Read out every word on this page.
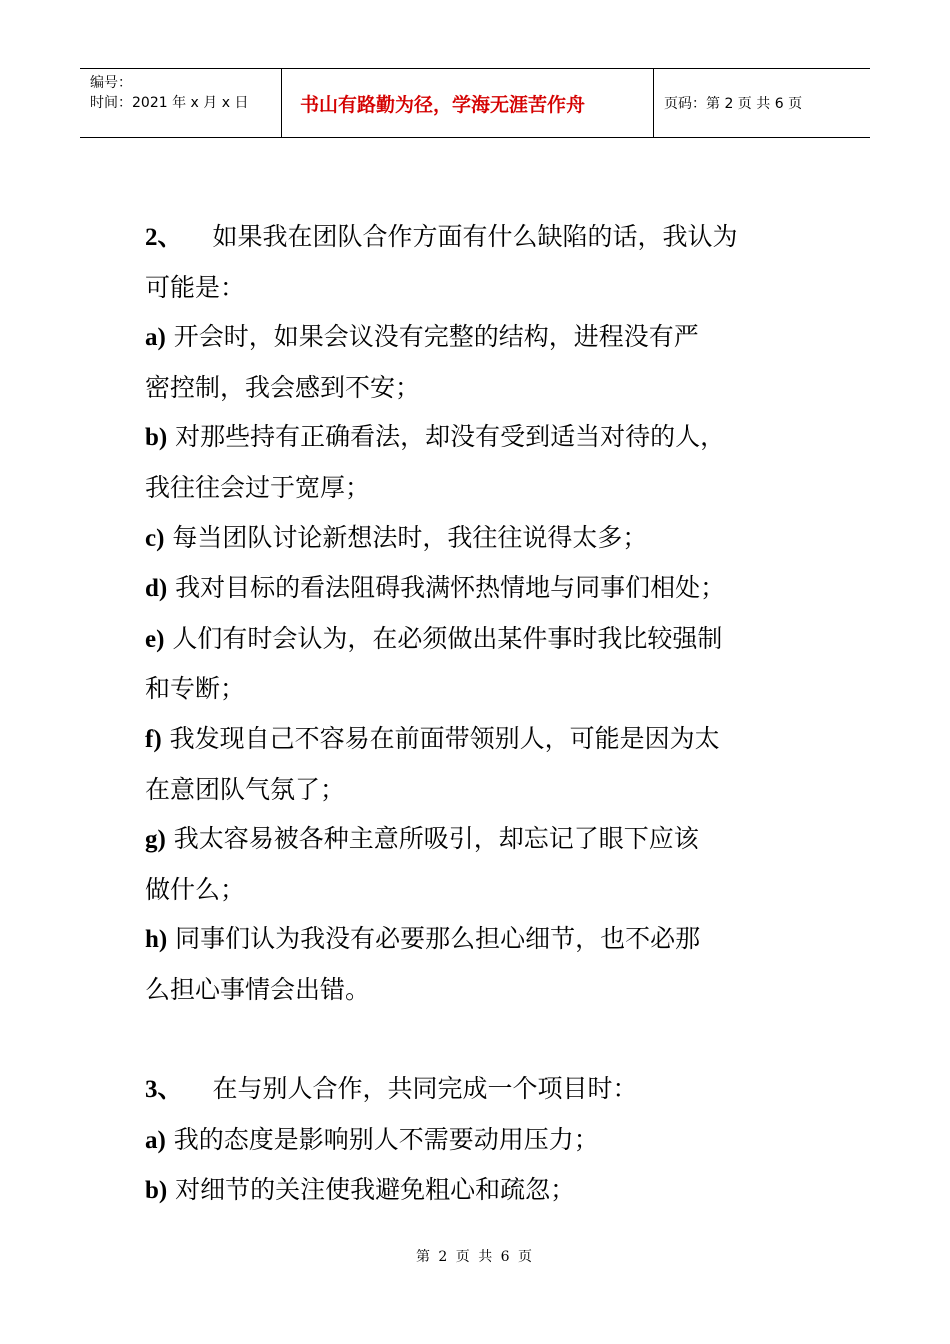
编号：
时间：2021 年 x 月 x 日	书山有路勤为径，学海无涯苦作舟	页码：第 2 页 共 6 页
2、 如果我在团队合作方面有什么缺陷的话，我认为
可能是：
a) 开会时，如果会议没有完整的结构，进程没有严
密控制，我会感到不安；
b) 对那些持有正确看法，却没有受到适当对待的人，
我往往会过于宽厚；
c) 每当团队讨论新想法时，我往往说得太多；
d) 我对目标的看法阻碍我满怀热情地与同事们相处；
e) 人们有时会认为，在必须做出某件事时我比较强制
和专断；
f) 我发现自己不容易在前面带领别人，可能是因为太
在意团队气氛了；
g) 我太容易被各种主意所吸引，却忘记了眼下应该
做什么；
h) 同事们认为我没有必要那么担心细节，也不必那
么担心事情会出错。
3、 在与别人合作，共同完成一个项目时：
a) 我的态度是影响别人不需要动用压力；
b) 对细节的关注使我避免粗心和疏忽；
第 2 页 共 6 页
